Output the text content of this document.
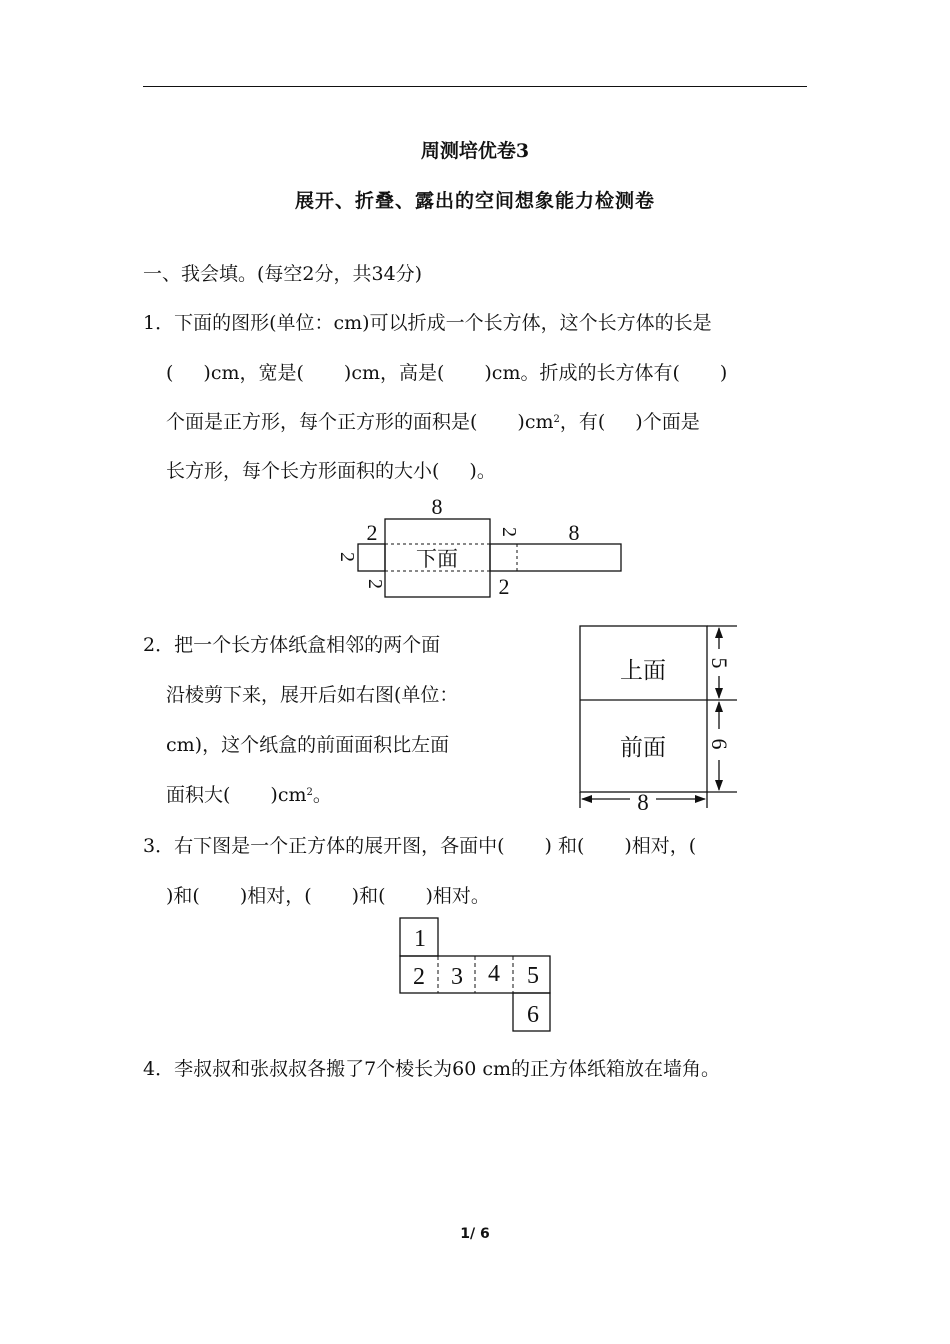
周测培优卷3
展开、折叠、露出的空间想象能力检测卷
一、我会填。(每空2分，共34分)
1．下面的图形(单位：cm)可以折成一个长方体，这个长方体的长是
( )cm，宽是( )cm，高是( )cm。折成的长方体有( )
个面是正方形，每个正方形的面积是( )$cm^2$，有( )个面是
长方形，每个长方形面积的大小( )。
8
2	2 8
2
2	2
下面
2．把一个长方体纸盒相邻的两个面
沿棱剪下来，展开后如右图(单位：
cm)，这个纸盒的前面面积比左面
面积大( )$cm^2$。
上面
前面
5
6
8
3．右下图是一个正方体的展开图，各面中( ) 和( )相对，(
)和( )相对，( )和( )相对。
1
2 3 4 5
6
4．李叔叔和张叔叔各搬了7个棱长为60 cm的正方体纸箱放在墙角。
1/ 6
